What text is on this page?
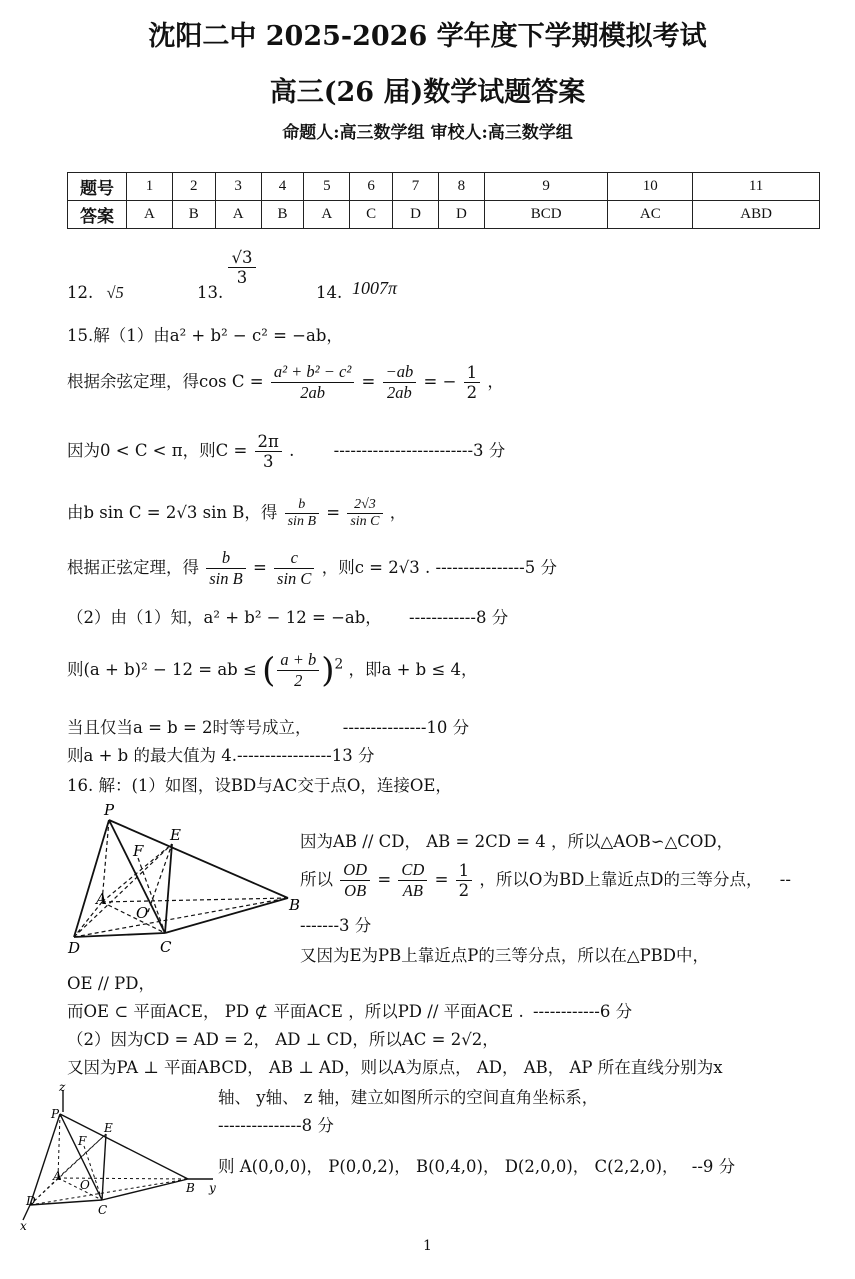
沈阳二中 2025-2026 学年度下学期模拟考试
高三(26 届)数学试题答案
命题人:高三数学组 审校人:高三数学组
题号	1	2	3	4	5	6	7	8	9	10	11
答案	A	B	A	B	A	C	D	D	BCD	AC	ABD
12. √5	13.
$\frac{√3}{3}$
14. 1007π
15.解（1）由a² + b² − c² = −ab，
根据余弦定理，得$\cos C = \frac{\text{a² + b² − c²}}{2ab} = \frac{-ab}{2ab}$ = − $\frac{1}{2}$ ，
因为0 < C < π，则$C = \frac{2\pi}{3}$ . -------------------------3 分
由b sin C = 2√3 sin B，得 $\frac{b}{\text{sin B}} = \frac{2√3}{\text{sin C}}$ ，
根据正弦定理，得 $\frac{b}{\text{sin B}} = \frac{c}{\text{sin C}}$ ，则c = 2√3 . ----------------5 分
（2）由（1）知，a² + b² − 12 = −ab， ------------8 分
则(a + b)² − 12 = ab ≤ ( $\frac{a + b}{2} )^2$ ，即a + b ≤ 4，
当且仅当a = b = 2时等号成立， ---------------10 分
则a + b 的最大值为 4.-----------------13 分
16. 解：(1）如图，设BD与AC交于点O，连接OE，
P
E
F
A
O	B
D	C
因为AB // CD， AB = 2CD = 4 ，所以△AOB∽△COD，
所以 $\frac{OD}{OB} = \frac{CD}{AB} = \frac{1}{2}$ ，所以O为BD上靠近点D的三等分点， --
-------3 分
又因为E为PB上靠近点P的三等分点，所以在△PBD中，
OE // PD，
而OE ⊂ 平面ACE， PD ⊄ 平面ACE ，所以PD // 平面ACE . ------------6 分
（2）因为CD = AD = 2， AD ⊥ CD，所以AC = 2√2，
又因为PA ⊥ 平面ABCD， AB ⊥ AD，则以A为原点， AD， AB， AP 所在直线分别为x
z
P
E
F
A
O	B y
D
C
x
轴、 y轴、 z 轴，建立如图所示的空间直角坐标系，
---------------8 分
则 A(0,0,0)， P(0,0,2)， B(0,4,0)， D(2,0,0)， C(2,2,0)， --9 分
1
